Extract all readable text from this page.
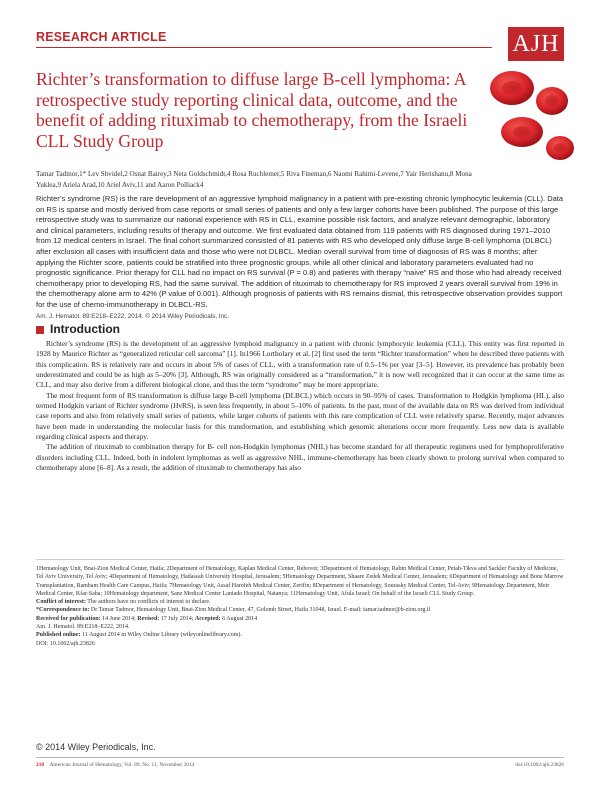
RESEARCH ARTICLE	AJH
Richter’s transformation to diffuse large B-cell lymphoma: A retrospective study reporting clinical data, outcome, and the benefit of adding rituximab to chemotherapy, from the Israeli CLL Study Group
Tamar Tadmor,1* Lev Shvidel,2 Osnat Bairey,3 Neta Goldschmidt,4 Rosa Ruchlemer,5 Riva Fineman,6 Naomi Rahimi-Levene,7 Yair Herishanu,8 Mona Yuklea,9 Ariela Arad,10 Ariel Aviv,11 and Aaron Polliack4

Richter’s syndrome (RS) is the rare development of an aggressive lymphoid malignancy in a patient with pre-existing chronic lymphocytic leukemia (CLL). Data on RS is sparse and mostly derived from case reports or small series of patients and only a few larger cohorts have been published. The purpose of this large retrospective study was to summarize our national experience with RS in CLL, examine possible risk factors, and analyze relevant demographic, laboratory and clinical parameters, including results of therapy and outcome. We first evaluated data obtained from 119 patients with RS diagnosed during 1971–2010 from 12 medical centers in Israel. The final cohort summarized consisted of 81 patients with RS who developed only diffuse large B-cell lymphoma (DLBCL) after exclusion all cases with insufficient data and those who were not DLBCL. Median overall survival from time of diagnosis of RS was 8 months; after applying the Richter score, patients could be stratified into three prognostic groups, while all other clinical and laboratory parameters evaluated had no prognostic significance. Prior therapy for CLL had no impact on RS survival (P = 0.8) and patients with therapy “naive” RS and those who had already received chemotherapy prior to developing RS, had the same survival. The addition of rituximab to chemotherapy for RS improved 2 years overall survival from 19% in the chemotherapy alone arm to 42% (P value of 0.001). Although prognosis of patients with RS remains dismal, this retrospective observation provides support for the use of chemo-immunotherapy in DLBCL-RS.

Am. J. Hematol. 89:E218–E222, 2014. © 2014 Wiley Periodicals, Inc.
Introduction

Richter’s syndrome (RS) is the development of an aggressive lymphoid malignancy in a patient with chronic lymphocytic leukemia (CLL). This entity was first reported in 1928 by Maurice Richter as “generalized reticular cell sarcoma” [1]. In1966 Lortholary et al. [2] first used the term “Richter transformation” when he described three patients with this complication. RS is relatively rare and occurs in about 5% of cases of CLL, with a transformation rate of 0.5–1% per year [3–5]. However, its prevalence has probably been underestimated and could be as high as 5–20% [3]. Although, RS was originally considered as a “transformation,” it is now well recognized that it can occur at the same time as CLL, and may also derive from a different biological clone, and thus the term “syndrome” may be more appropriate.

The most frequent form of RS transformation is diffuse large B-cell lymphoma (DLBCL) which occurs in 90–95% of cases. Transformation to Hodgkin lymphoma (HL), also termed Hodgkin variant of Richter syndrome (HvRS), is seen less frequently, in about 5–10% of patients. In the past, most of the available data on RS was derived from individual case reports and also from relatively small series of patients, while larger cohorts of patients with this rare complication of CLL were relatively sparse. Recently, major advances have been made in understanding the molecular basis for this transformation, and establishing which genomic alterations occur more frequently. Less new data is available regarding clinical aspects and therapy.

The addition of rituximab to combination therapy for B- cell non-Hodgkin lymphomas (NHL) has become standard for all therapeutic regimens used for lymphoproliferative disorders including CLL. Indeed, both in indolent lymphomas as well as aggressive NHL, immune-chemotherapy has been clearly shown to prolong survival when compared to chemotherapy alone [6–8]. As a result, the addition of rituximab to chemotherapy has also

1Hematology Unit, Bnai-Zion Medical Center, Haifa; 2Department of Hematology, Kaplan Medical Center, Rehovot; 3Department of Hematology, Rabin Medical Center, Petah-Tikva and Sackler Faculty of Medicine, Tel Aviv University, Tel Aviv; 4Department of Hematology, Hadassah University Hospital, Jerusalem; 5Hematology Department, Shaare Zedek Medical Center, Jerusalem; 6Department of Hematology and Bone Marrow Transplantation, Rambam Health Care Campus, Haifa; 7Hematology Unit, Assaf Harofeh Medical Center, Zerifin; 8Department of Hematology, Sourasky Medical Center, Tel-Aviv; 9Hematology Department, Meir Medical Center, Kfar-Saba; 10Hematology department, Sanz Medical Center Laniado Hospital, Natanya; 11Hematology Unit, Afula Israel; On behalf of the Israeli CLL Study Group.

Conflict of interest: The authors have no conflicts of interest to declare.

*Correspondence to: Dr Tamar Tadmor, Hematology Unit, Bnai-Zion Medical Center, 47, Golomb Street, Haifa 31048, Israel. E-mail: tamar.tadmor@b-zion.org.il

Received for publication: 14 June 2014; Revised: 17 July 2014; Accepted: 6 August 2014

Am. J. Hematol. 89:E218–E222, 2014.

Published online: 11 August 2014 in Wiley Online Library (wileyonlinelibrary.com).

DOI: 10.1002/ajh.23826

© 2014 Wiley Periodicals, Inc.
218 American Journal of Hematology, Vol. 89, No. 11, November 2014	doi:10.1002/ajh.23826
